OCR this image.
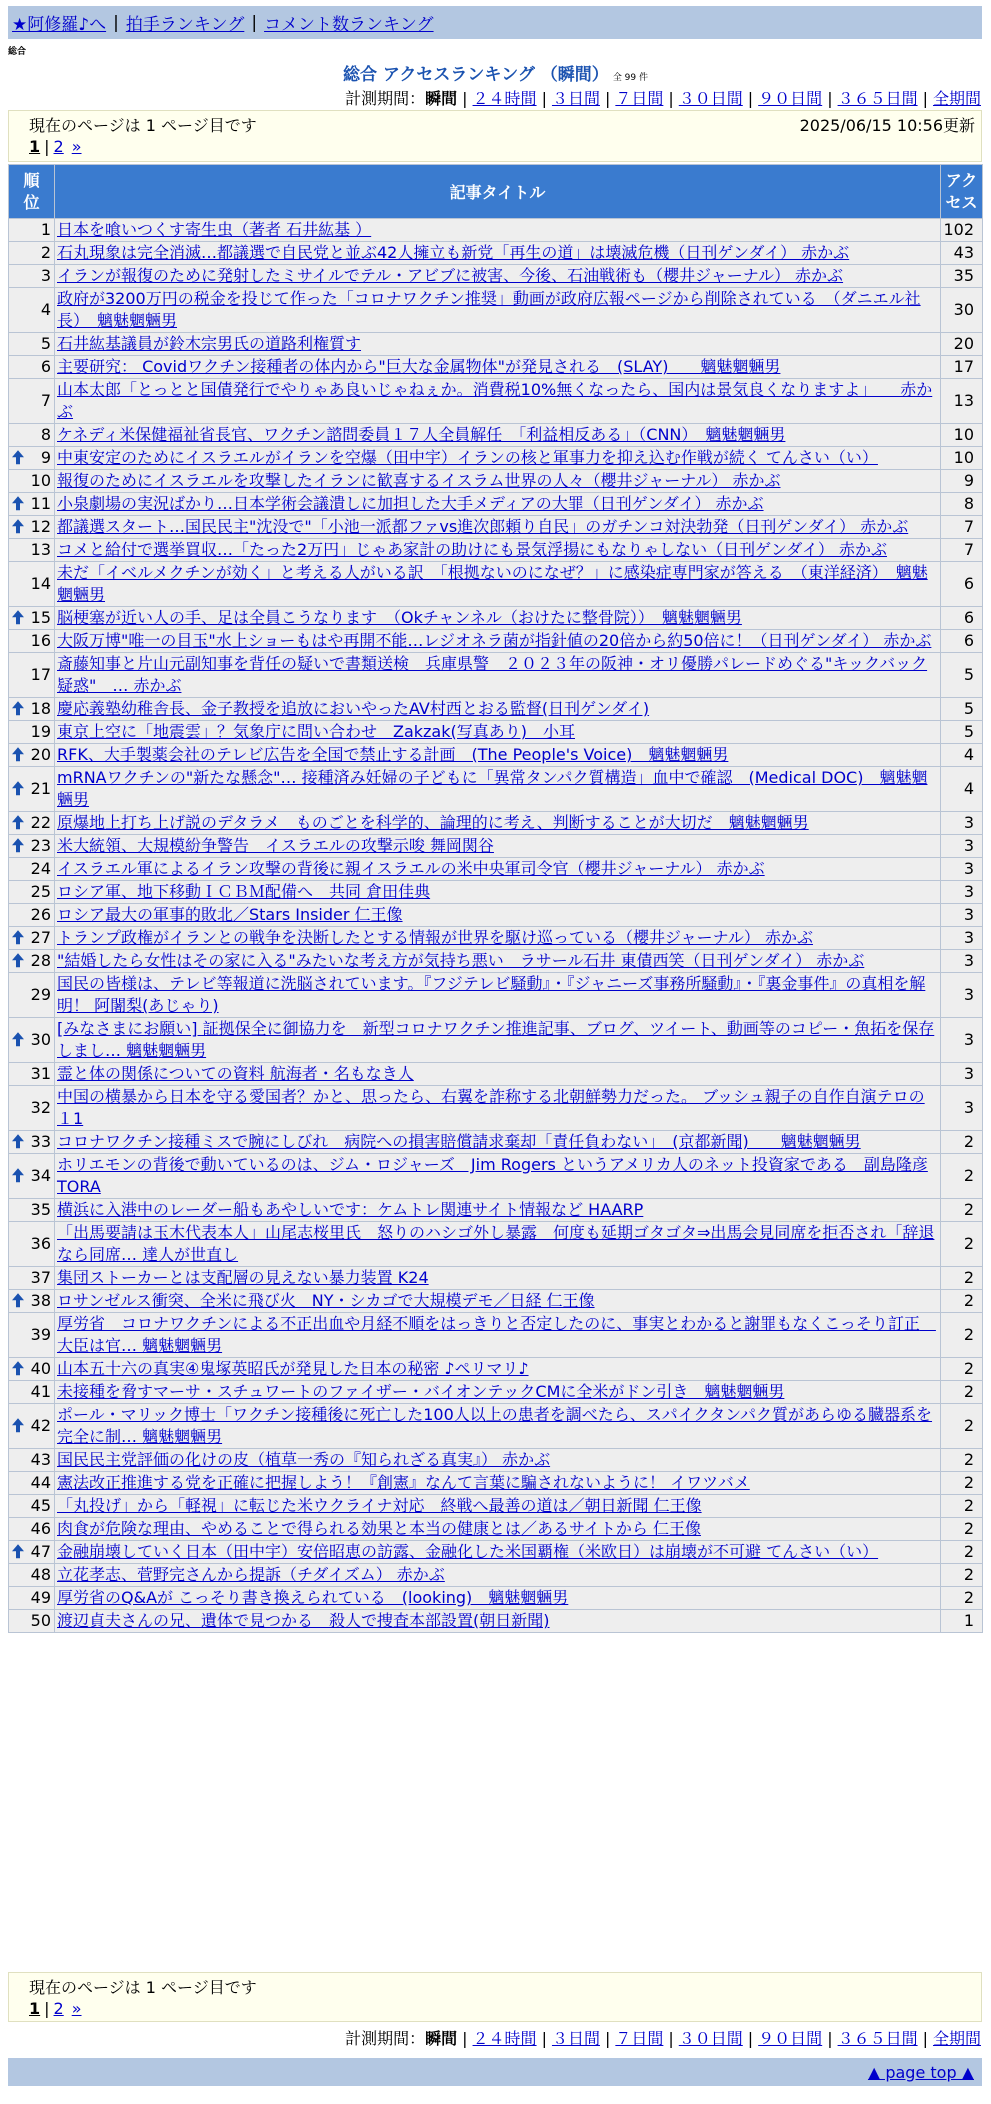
★阿修羅♪へ | 拍手ランキング | コメント数ランキング
総合
総合 アクセスランキング （瞬間） 全 99 件
計測期間：瞬間 | ２４時間 | ３日間 | ７日間 | ３０日間 | ９０日間 | ３６５日間 | 全期間
現在のページは 1 ページ目です	2025/06/15 10:56更新
1 | 2 »
順位	記事タイトル	アクセス

1	日本を喰いつくす寄生虫（著者 石井紘基 ）	102
2	石丸現象は完全消滅…都議選で自民党と並ぶ42人擁立も新党「再生の道」は壊滅危機（日刊ゲンダイ） 赤かぶ	43
3	イランが報復のために発射したミサイルでテル・アビブに被害、今後、石油戦術も（櫻井ジャーナル） 赤かぶ	35
4	政府が3200万円の税金を投じて作った「コロナワクチン推奨」動画が政府広報ページから削除されている　（ダニエル社長）　魑魅魍魎男	30
5	石井紘基議員が鈴木宗男氏の道路利権質す	20
6	主要研究： Covidワクチン接種者の体内から"巨大な金属物体"が発見される　(SLAY)　　魑魅魍魎男	17
7	山本太郎「とっとと国債発行でやりゃあ良いじゃねぇか。消費税10%無くなったら、国内は景気良くなりますよ」　　赤かぶ	13
8	ケネディ米保健福祉省長官、ワクチン諮問委員１７人全員解任　「利益相反ある」（CNN）　魑魅魍魎男	10

9	中東安定のためにイスラエルがイランを空爆（田中宇）イランの核と軍事力を抑え込む作戦が続く てんさい（い）	10
10	報復のためにイスラエルを攻撃したイランに歓喜するイスラム世界の人々（櫻井ジャーナル） 赤かぶ	9

11	小泉劇場の実況ばかり…日本学術会議潰しに加担した大手メディアの大罪（日刊ゲンダイ） 赤かぶ	8

12	都議選スタート…国民民主"沈没で"「小池一派都ファvs進次郎頼り自民」のガチンコ対決勃発（日刊ゲンダイ） 赤かぶ	7
13	コメと給付で選挙買収…「たった2万円」じゃあ家計の助けにも景気浮揚にもなりゃしない（日刊ゲンダイ） 赤かぶ	7
14	未だ「イベルメクチンが効く」と考える人がいる訳　「根拠ないのになぜ？」に感染症専門家が答える　（東洋経済）　魑魅魍魎男	6

15	脳梗塞が近い人の手、足は全員こうなります　（Okチャンネル（おけたに整骨院））　魑魅魍魎男	6
16	大阪万博"唯一の目玉"水上ショーもはや再開不能…レジオネラ菌が指針値の20倍から約50倍に！（日刊ゲンダイ） 赤かぶ	6
17	斎藤知事と片山元副知事を背任の疑いで書類送検　兵庫県警　２０２３年の阪神・オリ優勝パレードめぐる"キックバック疑惑"　… 赤かぶ	5

18	慶応義塾幼稚舎長、金子教授を追放においやったAV村西とおる監督(日刊ゲンダイ)	5
19	東京上空に「地震雲」？気象庁に問い合わせ　Zakzak(写真あり)　小耳	5

20	RFK、大手製薬会社のテレビ広告を全国で禁止する計画　(The People's Voice)　魑魅魍魎男	4

21	mRNAワクチンの"新たな懸念"… 接種済み妊婦の子どもに「異常タンパク質構造」血中で確認　(Medical DOC)　魑魅魍魎男	4

22	原爆地上打ち上げ説のデタラメ　ものごとを科学的、論理的に考え、判断することが大切だ　魑魅魍魎男	3

23	米大統領、大規模紛争警告　イスラエルの攻撃示唆 舞岡関谷	3
24	イスラエル軍によるイラン攻撃の背後に親イスラエルの米中央軍司令官（櫻井ジャーナル） 赤かぶ	3
25	ロシア軍、地下移動ＩＣＢＭ配備へ　共同 倉田佳典	3
26	ロシア最大の軍事的敗北／Stars Insider 仁王像	3

27	トランプ政権がイランとの戦争を決断したとする情報が世界を駆け巡っている（櫻井ジャーナル） 赤かぶ	3

28	"結婚したら女性はその家に入る"みたいな考え方が気持ち悪い　ラサール石井 東債西笑（日刊ゲンダイ） 赤かぶ	3
29	国民の皆様は、テレビ等報道に洗脳されています。『フジテレビ騒動』・『ジャニーズ事務所騒動』・『裏金事件』の真相を解明！ 阿闍梨(あじゃり)	3

30	[みなさまにお願い] 証拠保全に御協力を　新型コロナワクチン推進記事、ブログ、ツイート、動画等のコピー・魚拓を保存しまし… 魑魅魍魎男	3
31	霊と体の関係についての資料 航海者・名もなき人	3
32	中国の横暴から日本を守る愛国者？かと、思ったら、右翼を詐称する北朝鮮勢力だった。 ブッシュ親子の自作自演テロの１1	3

33	コロナワクチン接種ミスで腕にしびれ　病院への損害賠償請求棄却「責任負わない」　(京都新聞)　　魑魅魍魎男	2

34	ホリエモンの背後で動いているのは、ジム・ロジャーズ　Jim Rogers というアメリカ人のネット投資家である　副島隆彦 TORA	2
35	横浜に入港中のレーダー船もあやしいです：ケムトレ関連サイト情報など HAARP	2
36	「出馬要請は玉木代表本人」山尾志桜里氏　怒りのハシゴ外し暴露　何度も延期ゴタゴタ⇒出馬会見同席を拒否され「辞退なら同席… 達人が世直し	2
37	集団ストーカーとは支配層の見えない暴力装置 K24	2

38	ロサンゼルス衝突、全米に飛び火　NY・シカゴで大規模デモ／日経 仁王像	2
39	厚労省　コロナワクチンによる不正出血や月経不順をはっきりと否定したのに、事実とわかると謝罪もなくこっそり訂正　大臣は官… 魑魅魍魎男	2

40	山本五十六の真実④鬼塚英昭氏が発見した日本の秘密 ♪ペリマリ♪	2
41	未接種を脅すマーサ・スチュワートのファイザー・バイオンテックCMに全米がドン引き　魑魅魍魎男	2

42	ポール・マリック博士「ワクチン接種後に死亡した100人以上の患者を調べたら、スパイクタンパク質があらゆる臓器系を完全に制… 魑魅魍魎男	2
43	国民民主党評価の化けの皮（植草一秀の『知られざる真実』） 赤かぶ	2
44	憲法改正推進する党を正確に把握しよう！『創憲』なんて言葉に騙されないように！ イワツバメ	2
45	「丸投げ」から「軽視」に転じた米ウクライナ対応　終戦へ最善の道は／朝日新聞 仁王像	2
46	肉食が危険な理由、やめることで得られる効果と本当の健康とは／あるサイトから 仁王像	2

47	金融崩壊していく日本（田中宇）安倍昭恵の訪露、金融化した米国覇権（米欧日）は崩壊が不可避 てんさい（い）	2
48	立花孝志、菅野完さんから提訴（チダイズム） 赤かぶ	2
49	厚労省のQ&Aが こっそり書き換えられている　(looking)　魑魅魍魎男	2
50	渡辺貞夫さんの兄、遺体で見つかる　殺人で捜査本部設置(朝日新聞)	1
現在のページは 1 ページ目です
1 | 2 »
計測期間：瞬間 | ２４時間 | ３日間 | ７日間 | ３０日間 | ９０日間 | ３６５日間 | 全期間
▲ page top ▲
